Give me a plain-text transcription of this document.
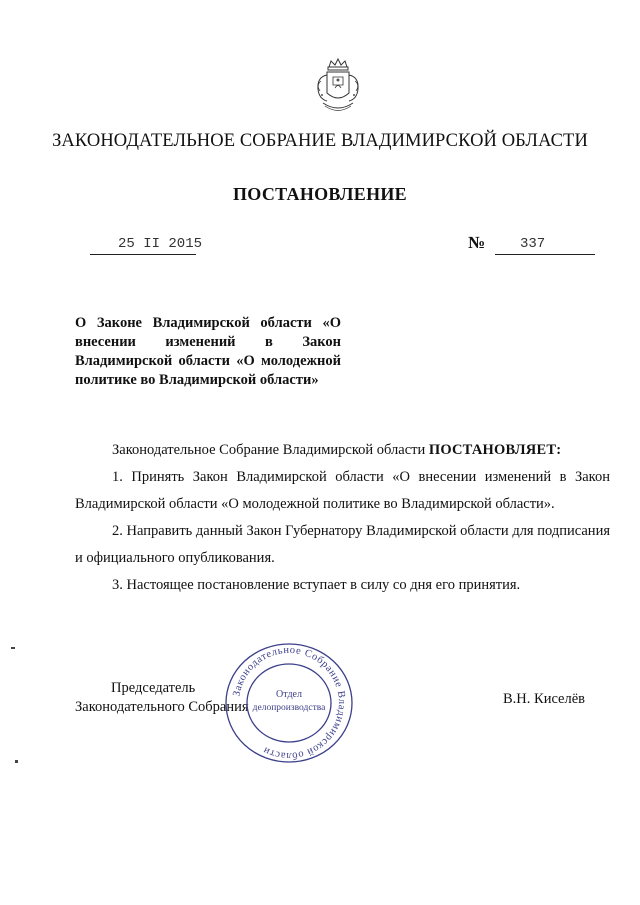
ЗАКОНОДАТЕЛЬНОЕ СОБРАНИЕ ВЛАДИМИРСКОЙ ОБЛАСТИ
ПОСТАНОВЛЕНИЕ
25 II 2015	№ 337
О Законе Владимирской области «О внесении изменений в Закон Владимирской области «О молодежной политике во Владимирской области»

Законодательное Собрание Владимирской области ПОСТАНОВЛЯЕТ:

1. Принять Закон Владимирской области «О внесении изменений в Закон Владимирской области «О молодежной политике во Владимирской области».

2. Направить данный Закон Губернатору Владимирской области для подписания и официального опубликования.

3. Настоящее постановление вступает в силу со дня его принятия.

Председатель
Законодательного Собрания	В.Н. Киселёв
Законодательное Собрание Владимирской области
Отдел
делопроизводства
